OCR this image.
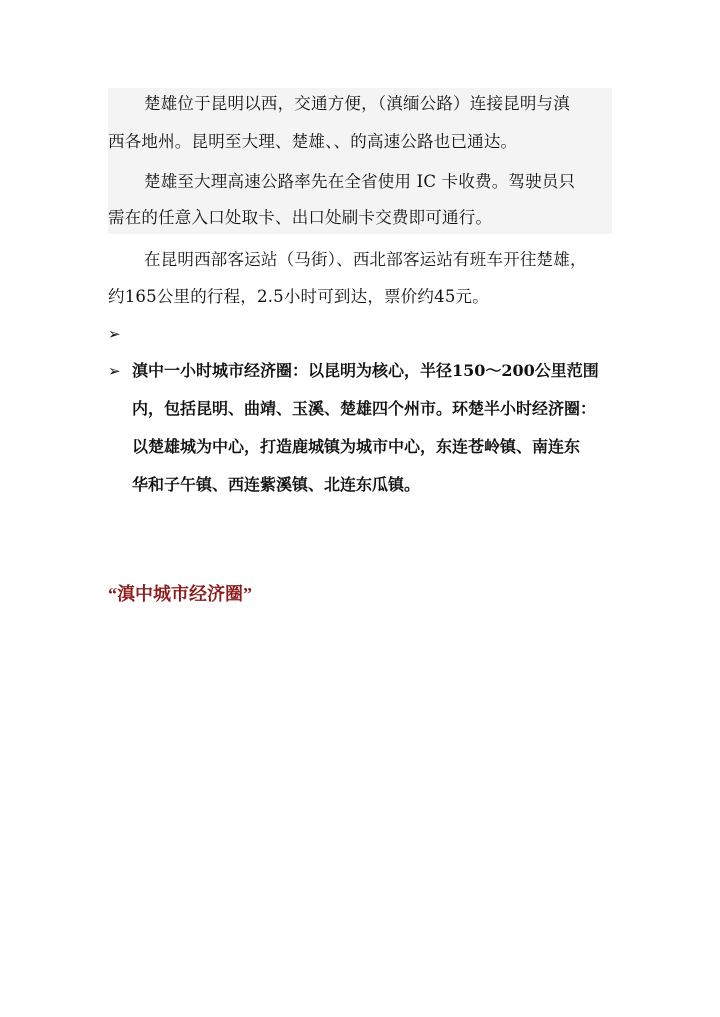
楚雄位于昆明以西，交通方便，（滇缅公路）连接昆明与滇
西各地州。昆明至大理、楚雄、、的高速公路也已通达。
楚雄至大理高速公路率先在全省使用 IC 卡收费。驾驶员只
需在的任意入口处取卡、出口处刷卡交费即可通行。
在昆明西部客运站（马街）、西北部客运站有班车开往楚雄，
约165公里的行程，2.5小时可到达，票价约45元。
➢
➢ 滇中一小时城市经济圈：以昆明为核心，半径150～200公里范围
内，包括昆明、曲靖、玉溪、楚雄四个州市。环楚半小时经济圈：
以楚雄城为中心，打造鹿城镇为城市中心，东连苍岭镇、南连东
华和子午镇、西连紫溪镇、北连东瓜镇。
“滇中城市经济圈”
